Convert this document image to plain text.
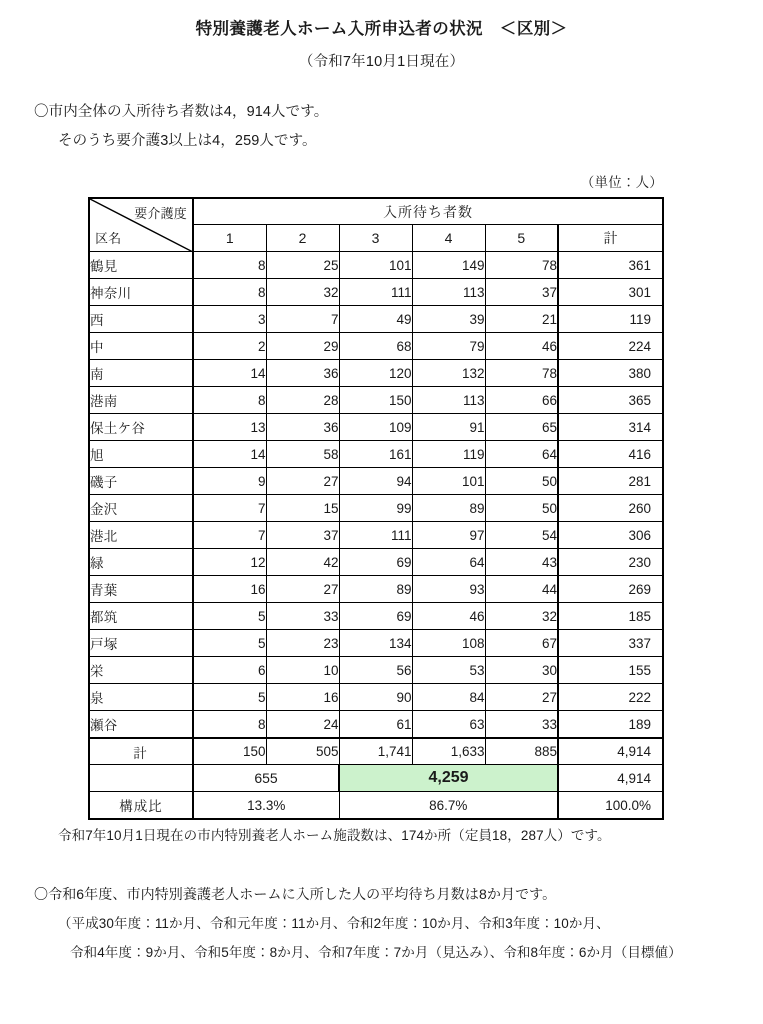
特別養護老人ホーム入所申込者の状況　＜区別＞
（令和7年10月1日現在）
〇市内全体の入所待ち者数は4，914人です。
そのうち要介護3以上は4，259人です。
（単位：人）
要介護度
区名	入所待ち者数					
	1	2	3	4	5	計
鶴見	8	25	101	149	78	361
神奈川	8	32	111	113	37	301
西	3	7	49	39	21	119
中	2	29	68	79	46	224
南	14	36	120	132	78	380
港南	8	28	150	113	66	365
保土ケ谷	13	36	109	91	65	314
旭	14	58	161	119	64	416
磯子	9	27	94	101	50	281
金沢	7	15	99	89	50	260
港北	7	37	111	97	54	306
緑	12	42	69	64	43	230
青葉	16	27	89	93	44	269
都筑	5	33	69	46	32	185
戸塚	5	23	134	108	67	337
栄	6	10	56	53	30	155
泉	5	16	90	84	27	222
瀬谷	8	24	61	63	33	189
計	150	505	1,741	1,633	885	4,914
	655		4,259			4,914
構成比	13.3%		86.7%			100.0%
令和7年10月1日現在の市内特別養老人ホーム施設数は、174か所（定員18，287人）です。
〇令和6年度、市内特別養護老人ホームに入所した人の平均待ち月数は8か月です。
（平成30年度：11か月、令和元年度：11か月、令和2年度：10か月、令和3年度：10か月、
令和4年度：9か月、令和5年度：8か月、令和7年度：7か月（見込み）、令和8年度：6か月（目標値）
